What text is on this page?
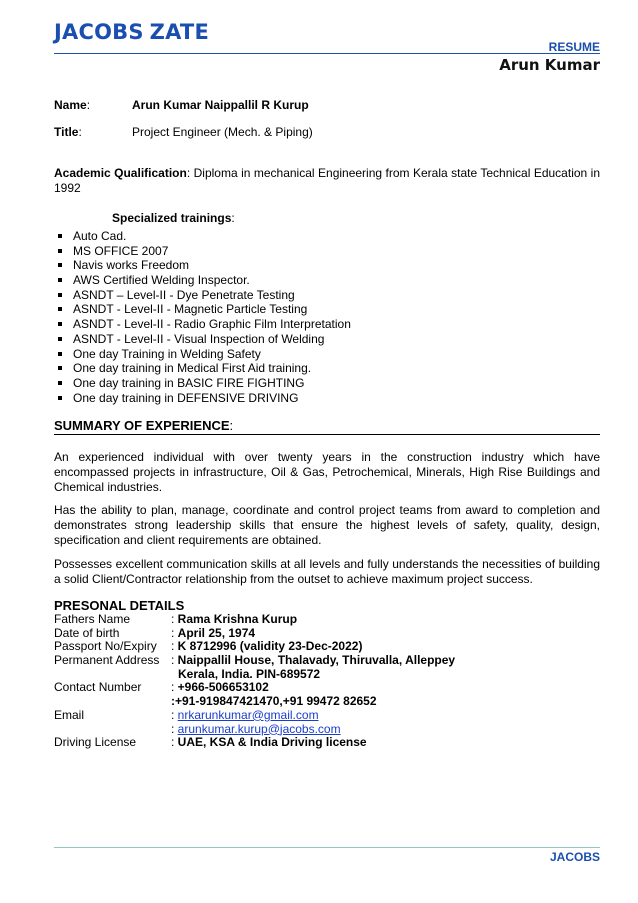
JACOBS ZATE
RESUME
Arun Kumar
Name:	Arun Kumar Naippallil R Kurup
Title:	Project Engineer (Mech. & Piping)
Academic Qualification: Diploma in mechanical Engineering from Kerala state Technical Education in 1992
Specialized trainings:
Auto Cad.
MS OFFICE 2007
Navis works Freedom
AWS Certified Welding Inspector.
ASNDT – Level-II - Dye Penetrate Testing
ASNDT - Level-II - Magnetic Particle Testing
ASNDT - Level-II - Radio Graphic Film Interpretation
ASNDT - Level-II - Visual Inspection of Welding
One day Training in Welding Safety
One day training in Medical First Aid training.
One day training in BASIC FIRE FIGHTING
One day training in DEFENSIVE DRIVING
SUMMARY OF EXPERIENCE:
An experienced individual with over twenty years in the construction industry which have encompassed projects in infrastructure, Oil & Gas, Petrochemical, Minerals, High Rise Buildings and Chemical industries.
Has the ability to plan, manage, coordinate and control project teams from award to completion and demonstrates strong leadership skills that ensure the highest levels of safety, quality, design, specification and client requirements are obtained.
Possesses excellent communication skills at all levels and fully understands the necessities of building a solid Client/Contractor relationship from the outset to achieve maximum project success.
PRESONAL DETAILS
Fathers Name	: Rama Krishna Kurup
Date of birth	: April 25, 1974
Passport No/Expiry : K 8712996 (validity 23-Dec-2022)
Permanent Address : Naippallil House, Thalavady, Thiruvalla, Alleppey
Kerala, India. PIN-689572
Contact Number : +966-506653102
:+91-919847421470,+91 99472 82652
Email	: nrkarunkumar@gmail.com
: arunkumar.kurup@jacobs.com
Driving License	: UAE, KSA & India Driving license
JACOBS
